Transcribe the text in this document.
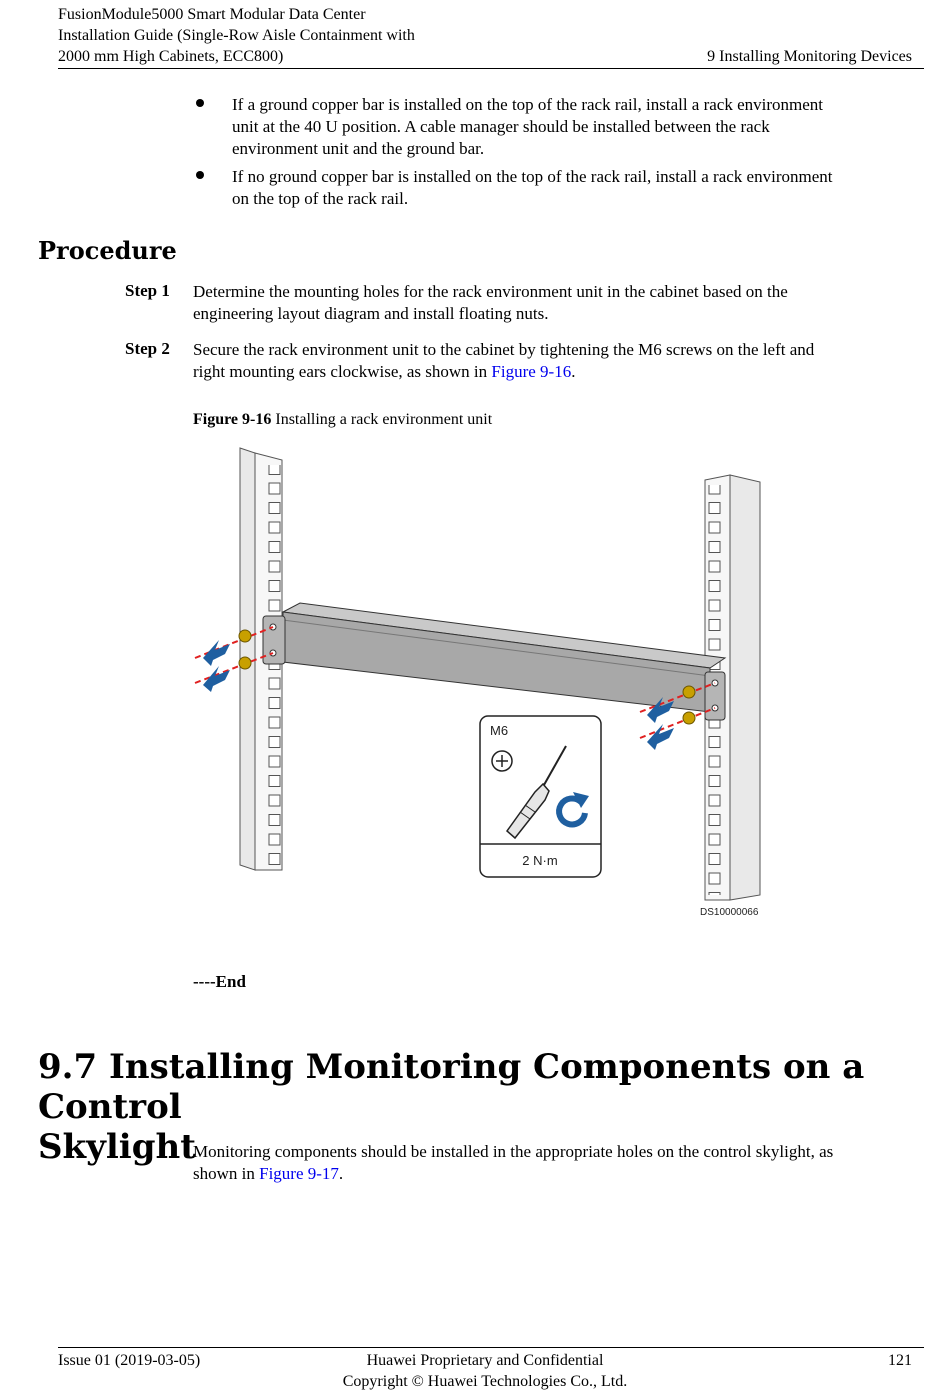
FusionModule5000 Smart Modular Data Center
Installation Guide (Single-Row Aisle Containment with
2000 mm High Cabinets, ECC800)	9 Installing Monitoring Devices
If a ground copper bar is installed on the top of the rack rail, install a rack environment
unit at the 40 U position. A cable manager should be installed between the rack
environment unit and the ground bar.
If no ground copper bar is installed on the top of the rack rail, install a rack environment
on the top of the rack rail.
Procedure
Step 1 Determine the mounting holes for the rack environment unit in the cabinet based on the
engineering layout diagram and install floating nuts.
Step 2 Secure the rack environment unit to the cabinet by tightening the M6 screws on the left and
right mounting ears clockwise, as shown in Figure 9-16.
Figure 9-16 Installing a rack environment unit
M6
2 N·m
DS10000066
----End
9.7 Installing Monitoring Components on a Control
Skylight
Monitoring components should be installed in the appropriate holes on the control skylight, as
shown in Figure 9-17.
Issue 01 (2019-03-05)	Huawei Proprietary and Confidential
Copyright © Huawei Technologies Co., Ltd.
121
